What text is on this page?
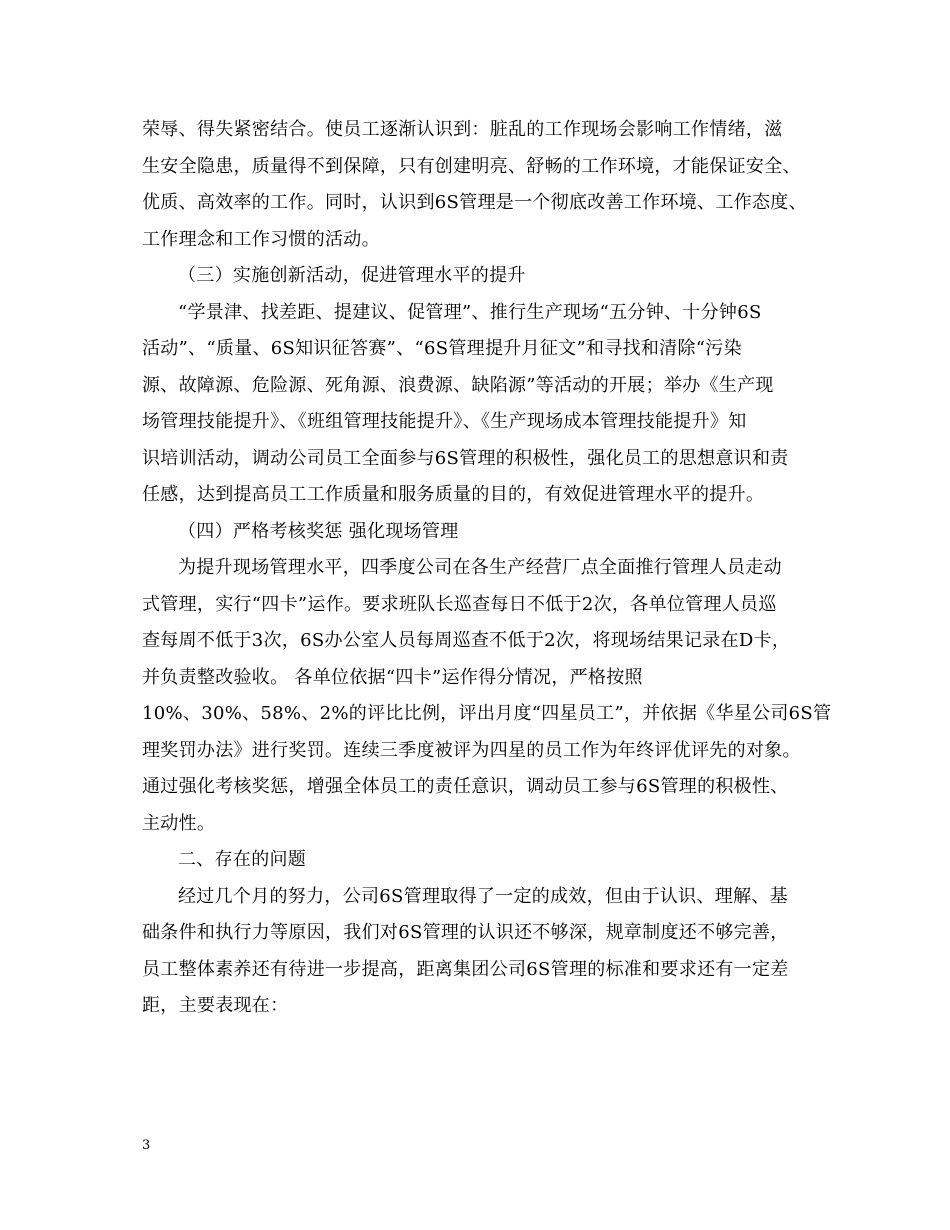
荣辱、得失紧密结合。使员工逐渐认识到：脏乱的工作现场会影响工作情绪，滋
生安全隐患，质量得不到保障，只有创建明亮、舒畅的工作环境，才能保证安全、
优质、高效率的工作。同时，认识到6S管理是一个彻底改善工作环境、工作态度、
工作理念和工作习惯的活动。
（三）实施创新活动，促进管理水平的提升
“学景津、找差距、提建议、促管理”、推行生产现场“五分钟、十分钟6S
活动”、“质量、6S知识征答赛”、“6S管理提升月征文”和寻找和清除“污染
源、故障源、危险源、死角源、浪费源、缺陷源”等活动的开展；举办《生产现
场管理技能提升》、《班组管理技能提升》、《生产现场成本管理技能提升》知
识培训活动，调动公司员工全面参与6S管理的积极性，强化员工的思想意识和责
任感，达到提高员工工作质量和服务质量的目的，有效促进管理水平的提升。
（四）严格考核奖惩 强化现场管理
为提升现场管理水平，四季度公司在各生产经营厂点全面推行管理人员走动
式管理，实行“四卡”运作。要求班队长巡查每日不低于2次，各单位管理人员巡
查每周不低于3次，6S办公室人员每周巡查不低于2次，将现场结果记录在D卡，
并负责整改验收。 各单位依据“四卡”运作得分情况，严格按照
10%、30%、58%、2%的评比比例，评出月度“四星员工”，并依据《华星公司6S管
理奖罚办法》进行奖罚。连续三季度被评为四星的员工作为年终评优评先的对象。
通过强化考核奖惩，增强全体员工的责任意识，调动员工参与6S管理的积极性、
主动性。
二、存在的问题
经过几个月的努力，公司6S管理取得了一定的成效，但由于认识、理解、基
础条件和执行力等原因，我们对6S管理的认识还不够深，规章制度还不够完善，
员工整体素养还有待进一步提高，距离集团公司6S管理的标准和要求还有一定差
距，主要表现在：
3
